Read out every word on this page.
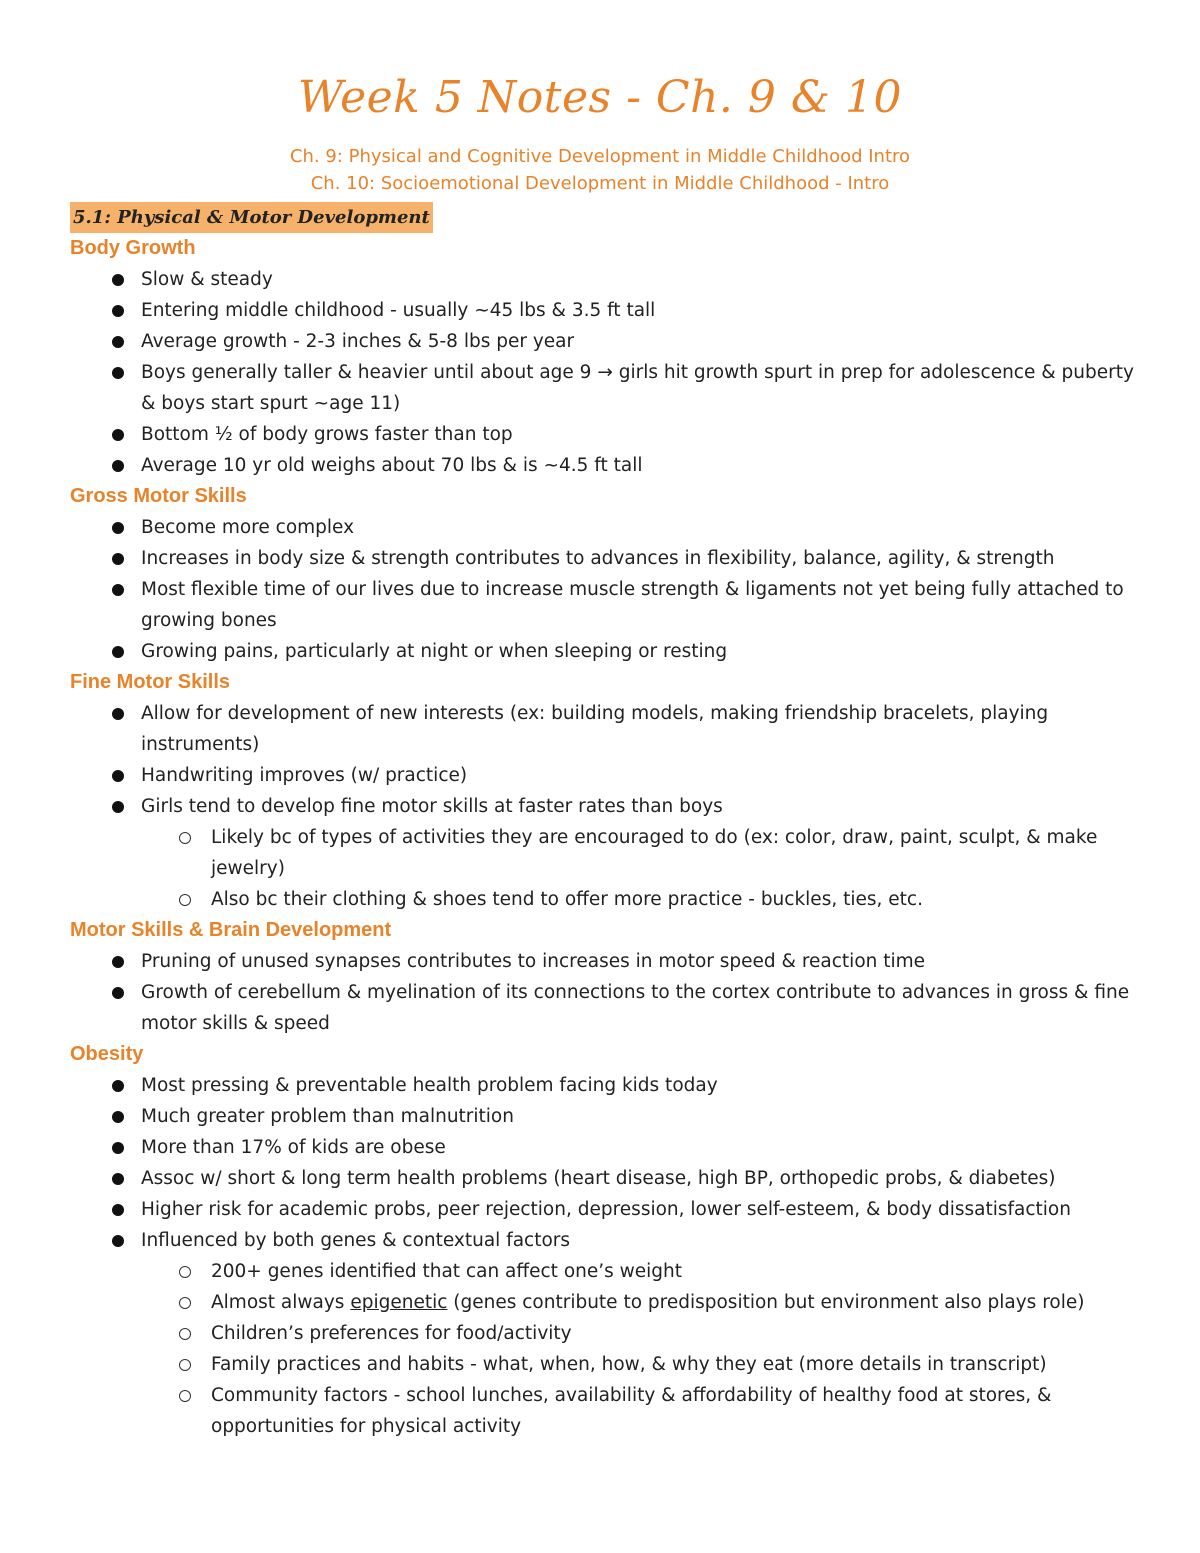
Week 5 Notes - Ch. 9 & 10
Ch. 9: Physical and Cognitive Development in Middle Childhood Intro
Ch. 10: Socioemotional Development in Middle Childhood - Intro
5.1: Physical & Motor Development
Body Growth
Slow & steady
Entering middle childhood - usually ~45 lbs & 3.5 ft tall
Average growth - 2-3 inches & 5-8 lbs per year
Boys generally taller & heavier until about age 9 → girls hit growth spurt in prep for adolescence & puberty & boys start spurt ~age 11)
Bottom ½ of body grows faster than top
Average 10 yr old weighs about 70 lbs & is ~4.5 ft tall
Gross Motor Skills
Become more complex
Increases in body size & strength contributes to advances in flexibility, balance, agility, & strength
Most flexible time of our lives due to increase muscle strength & ligaments not yet being fully attached to growing bones
Growing pains, particularly at night or when sleeping or resting
Fine Motor Skills
Allow for development of new interests (ex: building models, making friendship bracelets, playing instruments)
Handwriting improves (w/ practice)
Girls tend to develop fine motor skills at faster rates than boys
Likely bc of types of activities they are encouraged to do (ex: color, draw, paint, sculpt, & make jewelry)
Also bc their clothing & shoes tend to offer more practice - buckles, ties, etc.
Motor Skills & Brain Development
Pruning of unused synapses contributes to increases in motor speed & reaction time
Growth of cerebellum & myelination of its connections to the cortex contribute to advances in gross & fine motor skills & speed
Obesity
Most pressing & preventable health problem facing kids today
Much greater problem than malnutrition
More than 17% of kids are obese
Assoc w/ short & long term health problems (heart disease, high BP, orthopedic probs, & diabetes)
Higher risk for academic probs, peer rejection, depression, lower self-esteem, & body dissatisfaction
Influenced by both genes & contextual factors
200+ genes identified that can affect one’s weight
Almost always epigenetic (genes contribute to predisposition but environment also plays role)
Children’s preferences for food/activity
Family practices and habits - what, when, how, & why they eat (more details in transcript)
Community factors - school lunches, availability & affordability of healthy food at stores, & opportunities for physical activity
